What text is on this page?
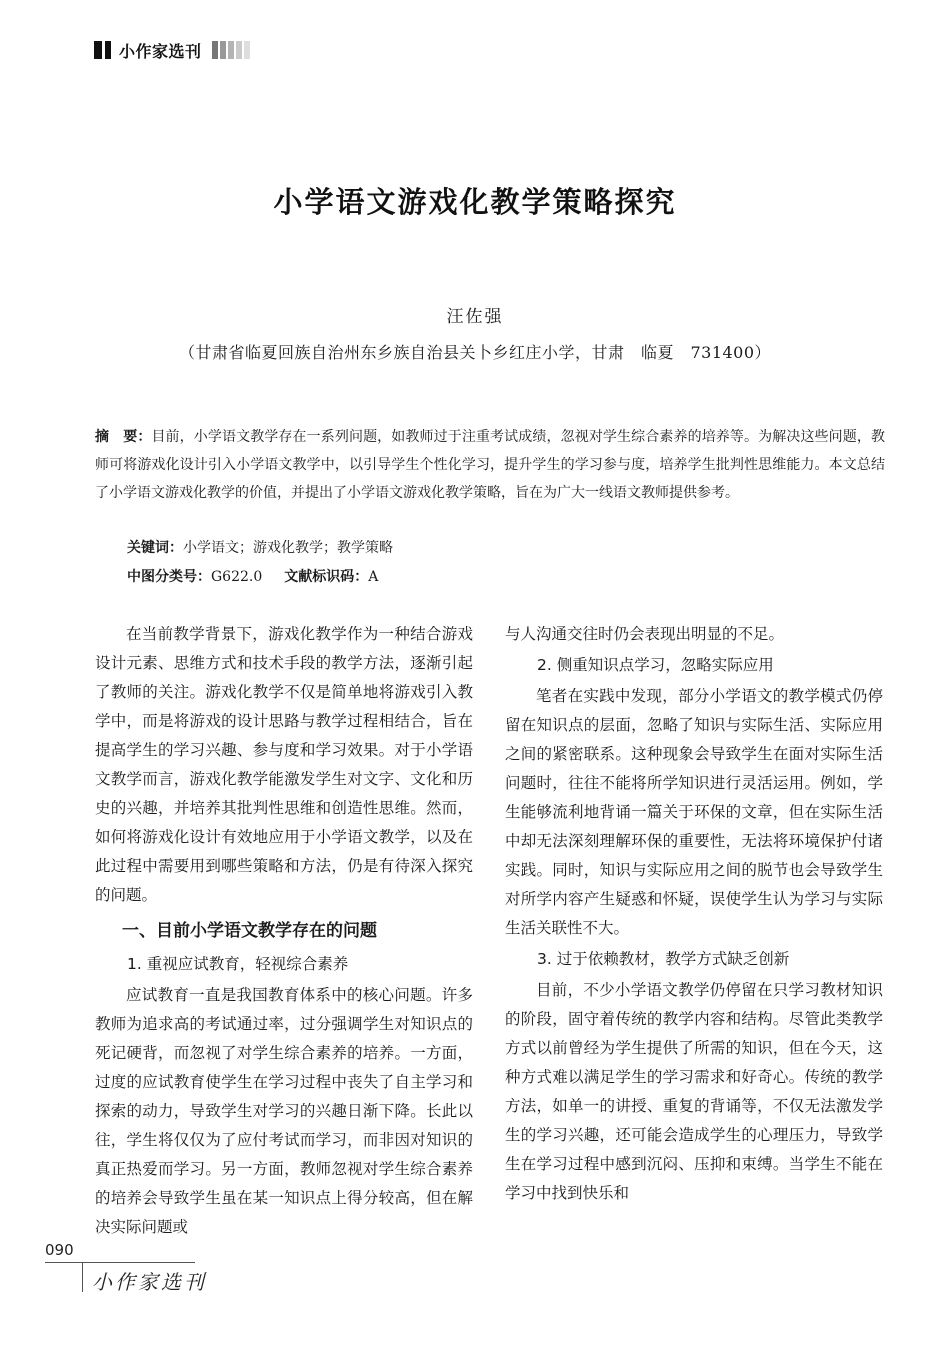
小作家选刊
小学语文游戏化教学策略探究
汪佐强
（甘肃省临夏回族自治州东乡族自治县关卜乡红庄小学，甘肃　临夏　731400）

摘　要：目前，小学语文教学存在一系列问题，如教师过于注重考试成绩，忽视对学生综合素养的培养等。为解决这些问题，教师可将游戏化设计引入小学语文教学中，以引导学生个性化学习，提升学生的学习参与度，培养学生批判性思维能力。本文总结了小学语文游戏化教学的价值，并提出了小学语文游戏化教学策略，旨在为广大一线语文教师提供参考。

关键词：小学语文；游戏化教学；教学策略
中图分类号：G622.0 文献标识码：A

在当前教学背景下，游戏化教学作为一种结合游戏设计元素、思维方式和技术手段的教学方法，逐渐引起了教师的关注。游戏化教学不仅是简单地将游戏引入教学中，而是将游戏的设计思路与教学过程相结合，旨在提高学生的学习兴趣、参与度和学习效果。对于小学语文教学而言，游戏化教学能激发学生对文字、文化和历史的兴趣，并培养其批判性思维和创造性思维。然而，如何将游戏化设计有效地应用于小学语文教学，以及在此过程中需要用到哪些策略和方法，仍是有待深入探究的问题。

一、目前小学语文教学存在的问题
1. 重视应试教育，轻视综合素养

应试教育一直是我国教育体系中的核心问题。许多教师为追求高的考试通过率，过分强调学生对知识点的死记硬背，而忽视了对学生综合素养的培养。一方面，过度的应试教育使学生在学习过程中丧失了自主学习和探索的动力，导致学生对学习的兴趣日渐下降。长此以往，学生将仅仅为了应付考试而学习，而非因对知识的真正热爱而学习。另一方面，教师忽视对学生综合素养的培养会导致学生虽在某一知识点上得分较高，但在解决实际问题或

与人沟通交往时仍会表现出明显的不足。

2. 侧重知识点学习，忽略实际应用

笔者在实践中发现，部分小学语文的教学模式仍停留在知识点的层面，忽略了知识与实际生活、实际应用之间的紧密联系。这种现象会导致学生在面对实际生活问题时，往往不能将所学知识进行灵活运用。例如，学生能够流利地背诵一篇关于环保的文章，但在实际生活中却无法深刻理解环保的重要性，无法将环境保护付诸实践。同时，知识与实际应用之间的脱节也会导致学生对所学内容产生疑惑和怀疑，误使学生认为学习与实际生活关联性不大。

3. 过于依赖教材，教学方式缺乏创新

目前，不少小学语文教学仍停留在只学习教材知识的阶段，固守着传统的教学内容和结构。尽管此类教学方式以前曾经为学生提供了所需的知识，但在今天，这种方式难以满足学生的学习需求和好奇心。传统的教学方法，如单一的讲授、重复的背诵等，不仅无法激发学生的学习兴趣，还可能会造成学生的心理压力，导致学生在学习过程中感到沉闷、压抑和束缚。当学生不能在学习中找到快乐和

090
小作家选刊
